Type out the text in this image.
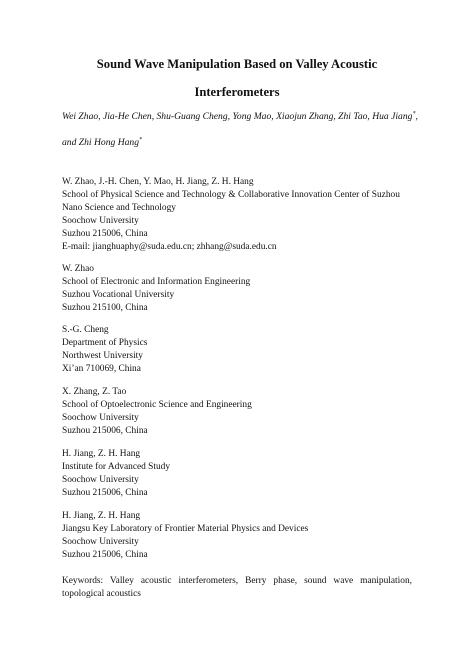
Sound Wave Manipulation Based on Valley Acoustic
Interferometers
Wei Zhao, Jia-He Chen, Shu-Guang Cheng, Yong Mao, Xiaojun Zhang, Zhi Tao, Hua Jiang*,
and Zhi Hong Hang*
W. Zhao, J.-H. Chen, Y. Mao, H. Jiang, Z. H. Hang
School of Physical Science and Technology & Collaborative Innovation Center of Suzhou
Nano Science and Technology
Soochow University
Suzhou 215006, China
E-mail: jianghuaphy@suda.edu.cn; zhhang@suda.edu.cn
W. Zhao
School of Electronic and Information Engineering
Suzhou Vocational University
Suzhou 215100, China
S.-G. Cheng
Department of Physics
Northwest University
Xi’an 710069, China
X. Zhang, Z. Tao
School of Optoelectronic Science and Engineering
Soochow University
Suzhou 215006, China
H. Jiang, Z. H. Hang
Institute for Advanced Study
Soochow University
Suzhou 215006, China
H. Jiang, Z. H. Hang
Jiangsu Key Laboratory of Frontier Material Physics and Devices
Soochow University
Suzhou 215006, China
Keywords: Valley acoustic interferometers, Berry phase, sound wave manipulation,
topological acoustics
